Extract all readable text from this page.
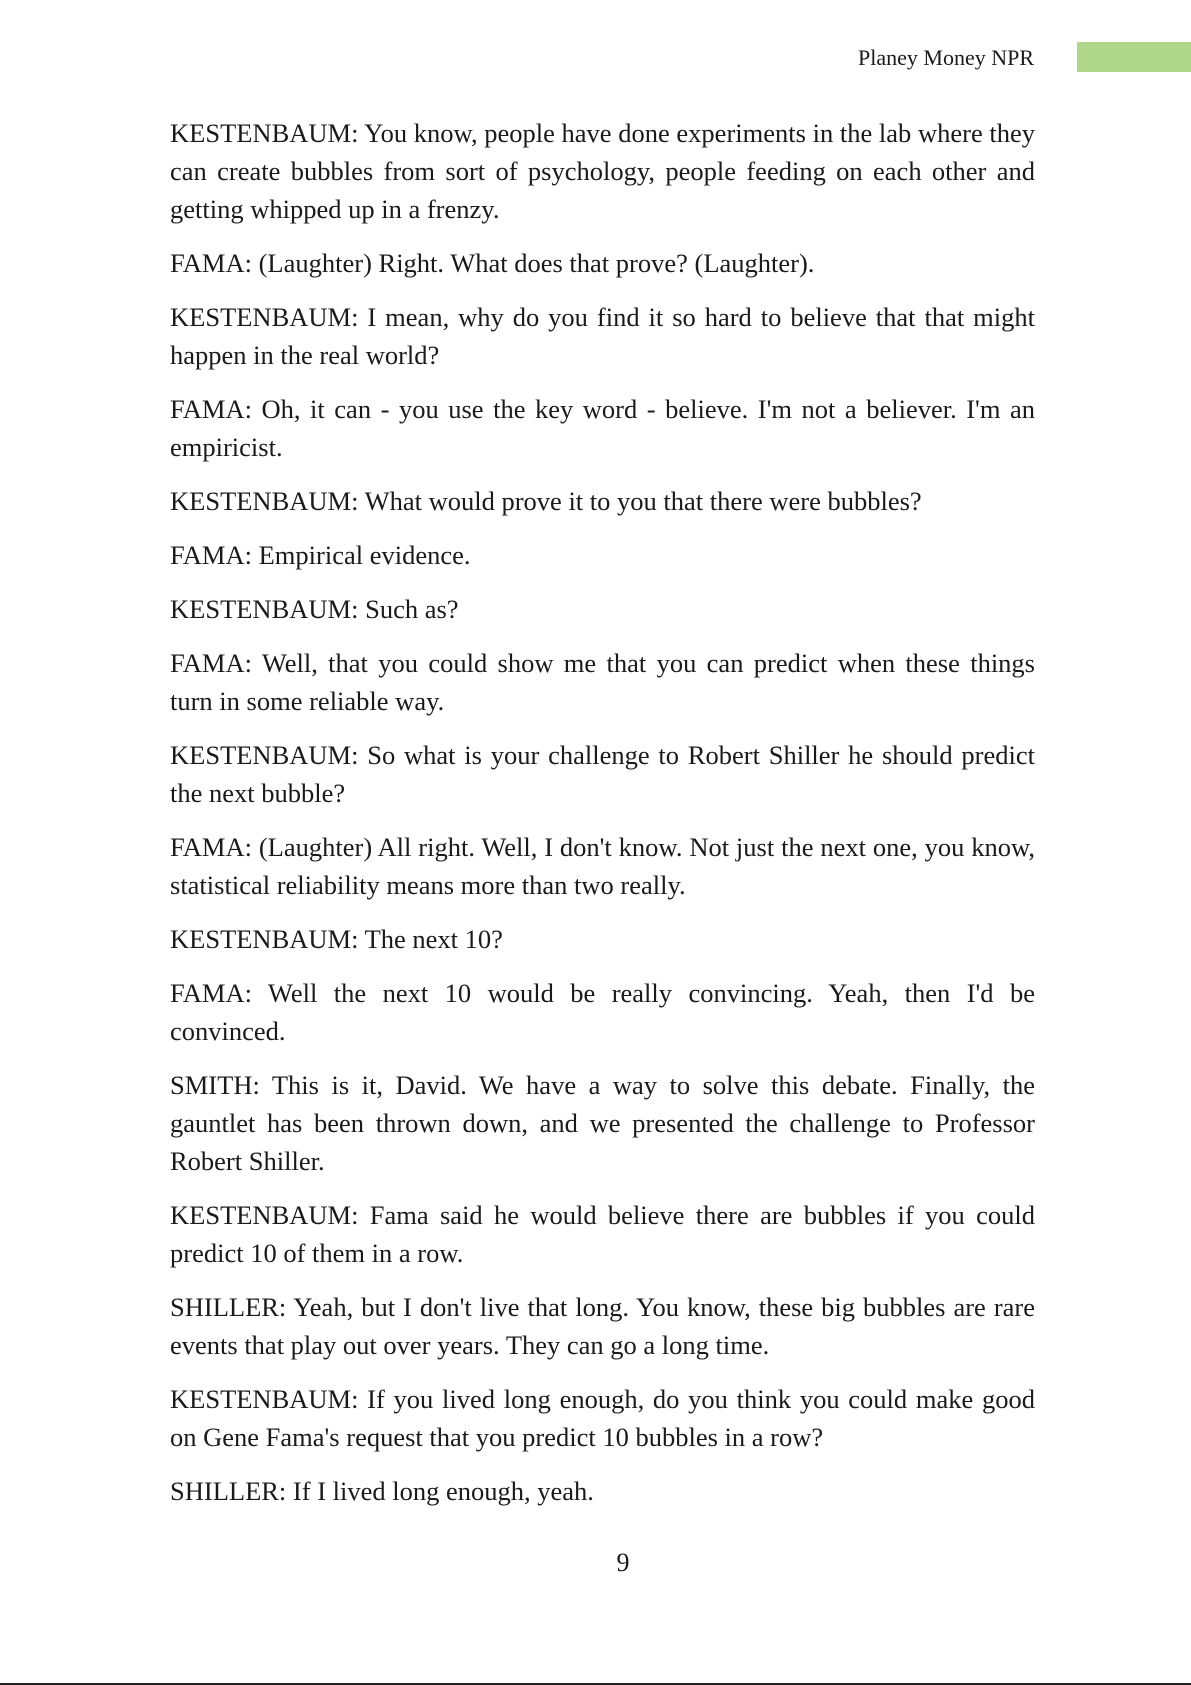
Planey Money NPR

KESTENBAUM: You know, people have done experiments in the lab where they can create bubbles from sort of psychology, people feeding on each other and getting whipped up in a frenzy.

FAMA: (Laughter) Right. What does that prove? (Laughter).

KESTENBAUM: I mean, why do you find it so hard to believe that that might happen in the real world?

FAMA: Oh, it can - you use the key word - believe. I'm not a believer. I'm an empiricist.

KESTENBAUM: What would prove it to you that there were bubbles?

FAMA: Empirical evidence.

KESTENBAUM: Such as?

FAMA: Well, that you could show me that you can predict when these things turn in some reliable way.

KESTENBAUM: So what is your challenge to Robert Shiller he should predict the next bubble?

FAMA: (Laughter) All right. Well, I don't know. Not just the next one, you know, statistical reliability means more than two really.

KESTENBAUM: The next 10?

FAMA: Well the next 10 would be really convincing. Yeah, then I'd be convinced.

SMITH: This is it, David. We have a way to solve this debate. Finally, the gauntlet has been thrown down, and we presented the challenge to Professor Robert Shiller.

KESTENBAUM: Fama said he would believe there are bubbles if you could predict 10 of them in a row.

SHILLER: Yeah, but I don't live that long. You know, these big bubbles are rare events that play out over years. They can go a long time.

KESTENBAUM: If you lived long enough, do you think you could make good on Gene Fama's request that you predict 10 bubbles in a row?

SHILLER: If I lived long enough, yeah.

9
